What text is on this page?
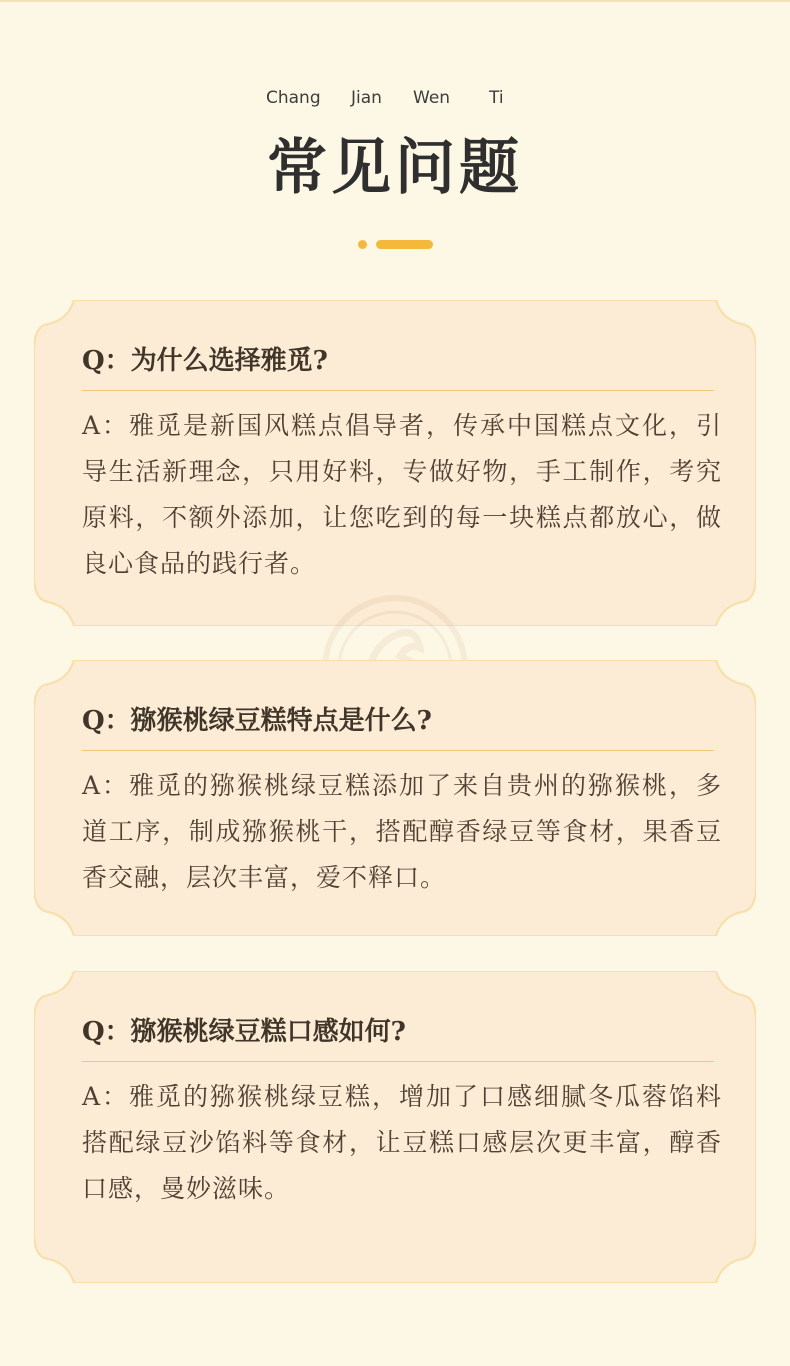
Chang Jian Wen Ti
常见问题
Q：为什么选择雅觅?
A：雅觅是新国风糕点倡导者，传承中国糕点文化，引导生活新理念，只用好料，专做好物，手工制作，考究原料，不额外添加，让您吃到的每一块糕点都放心，做良心食品的践行者。
Q：猕猴桃绿豆糕特点是什么?
A：雅觅的猕猴桃绿豆糕添加了来自贵州的猕猴桃，多道工序，制成猕猴桃干，搭配醇香绿豆等食材，果香豆香交融，层次丰富，爱不释口。
Q：猕猴桃绿豆糕口感如何?
A：雅觅的猕猴桃绿豆糕，增加了口感细腻冬瓜蓉馅料搭配绿豆沙馅料等食材，让豆糕口感层次更丰富，醇香口感，曼妙滋味。
